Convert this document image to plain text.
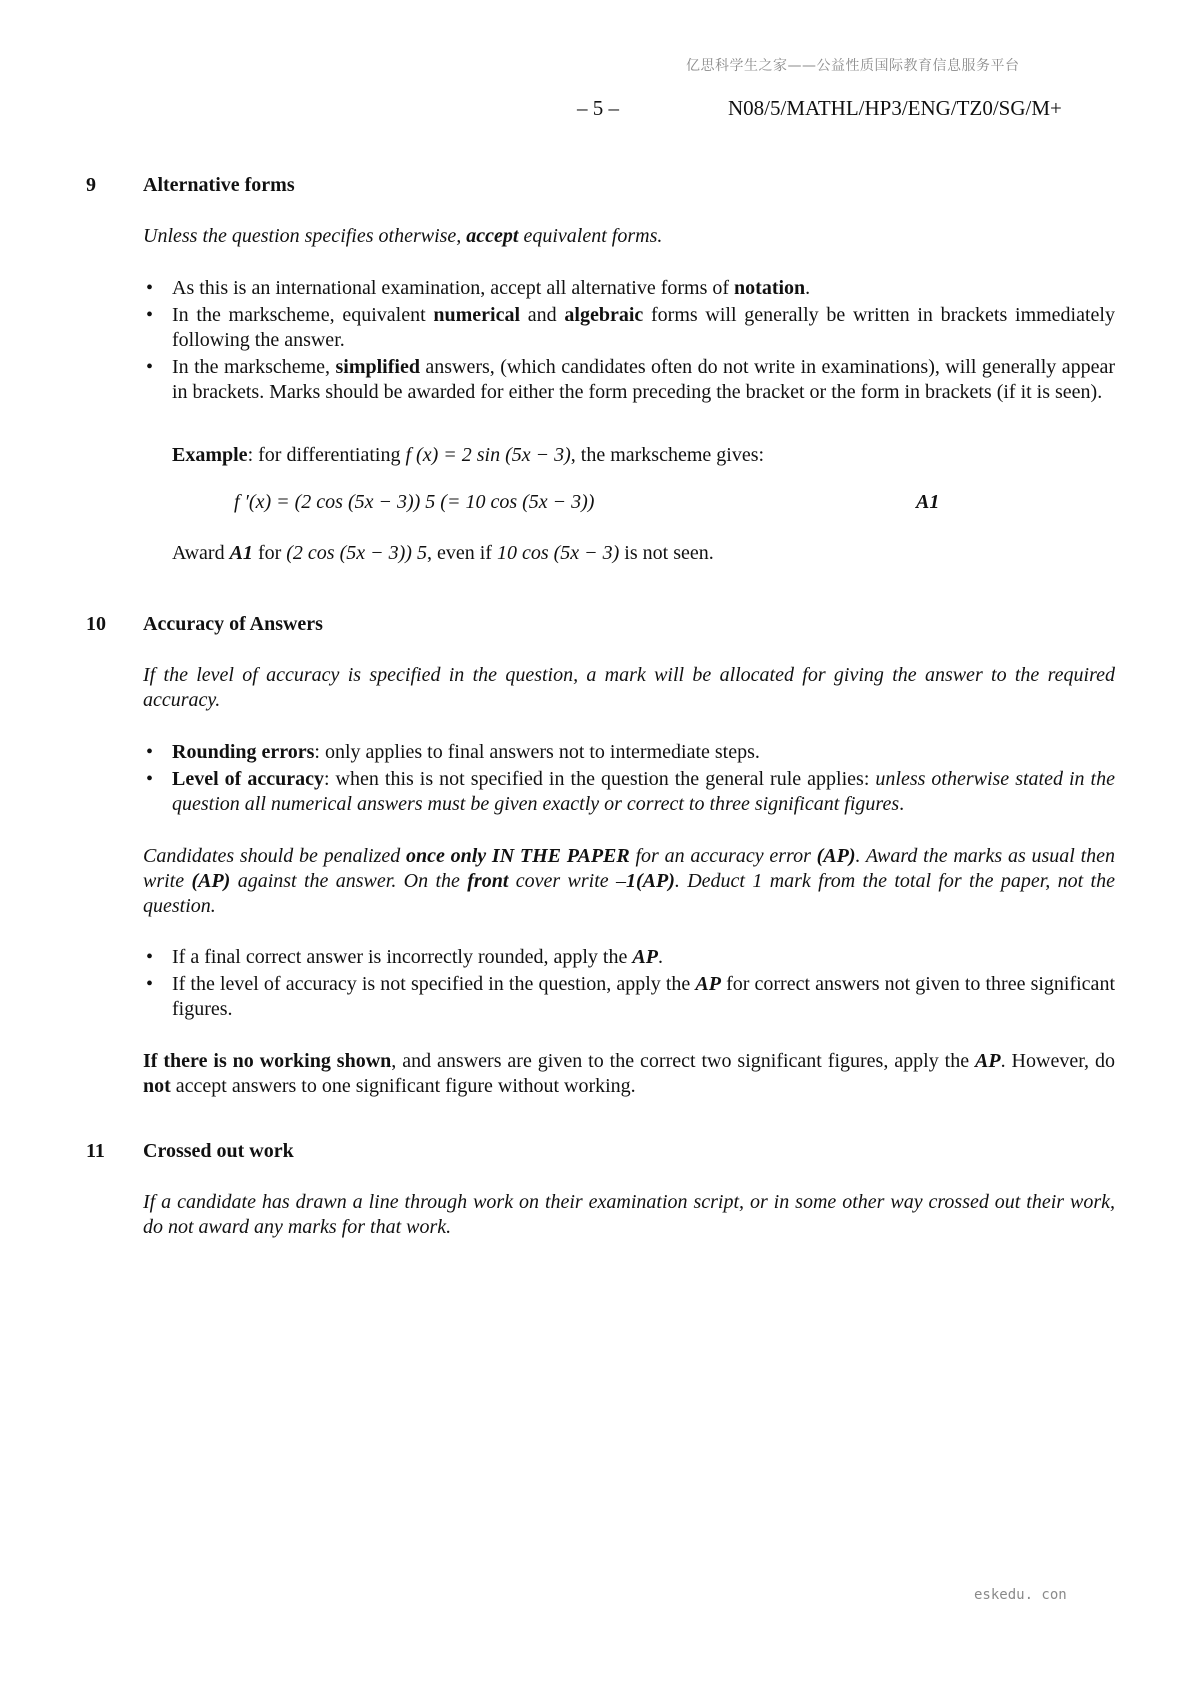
亿思科学生之家——公益性质国际教育信息服务平台
– 5 –	N08/5/MATHL/HP3/ENG/TZ0/SG/M+
9 Alternative forms
Unless the question specifies otherwise, accept equivalent forms.
• As this is an international examination, accept all alternative forms of notation.
• In the markscheme, equivalent numerical and algebraic forms will generally be written in brackets immediately following the answer.
• In the markscheme, simplified answers, (which candidates often do not write in examinations), will generally appear in brackets. Marks should be awarded for either the form preceding the bracket or the form in brackets (if it is seen).
Example: for differentiating f (x) = 2 sin (5x − 3), the markscheme gives:
f ′(x) = (2 cos (5x − 3)) 5 (= 10 cos (5x − 3))	A1
Award A1 for (2 cos (5x − 3)) 5, even if 10 cos (5x − 3) is not seen.
10 Accuracy of Answers
If the level of accuracy is specified in the question, a mark will be allocated for giving the answer to the required accuracy.
• Rounding errors: only applies to final answers not to intermediate steps.
• Level of accuracy: when this is not specified in the question the general rule applies: unless otherwise stated in the question all numerical answers must be given exactly or correct to three significant figures.
Candidates should be penalized once only IN THE PAPER for an accuracy error (AP). Award the marks as usual then write (AP) against the answer. On the front cover write –1(AP). Deduct 1 mark from the total for the paper, not the question.
• If a final correct answer is incorrectly rounded, apply the AP.
• If the level of accuracy is not specified in the question, apply the AP for correct answers not given to three significant figures.
If there is no working shown, and answers are given to the correct two significant figures, apply the AP. However, do not accept answers to one significant figure without working.
11 Crossed out work
If a candidate has drawn a line through work on their examination script, or in some other way crossed out their work, do not award any marks for that work.
eskedu. con
